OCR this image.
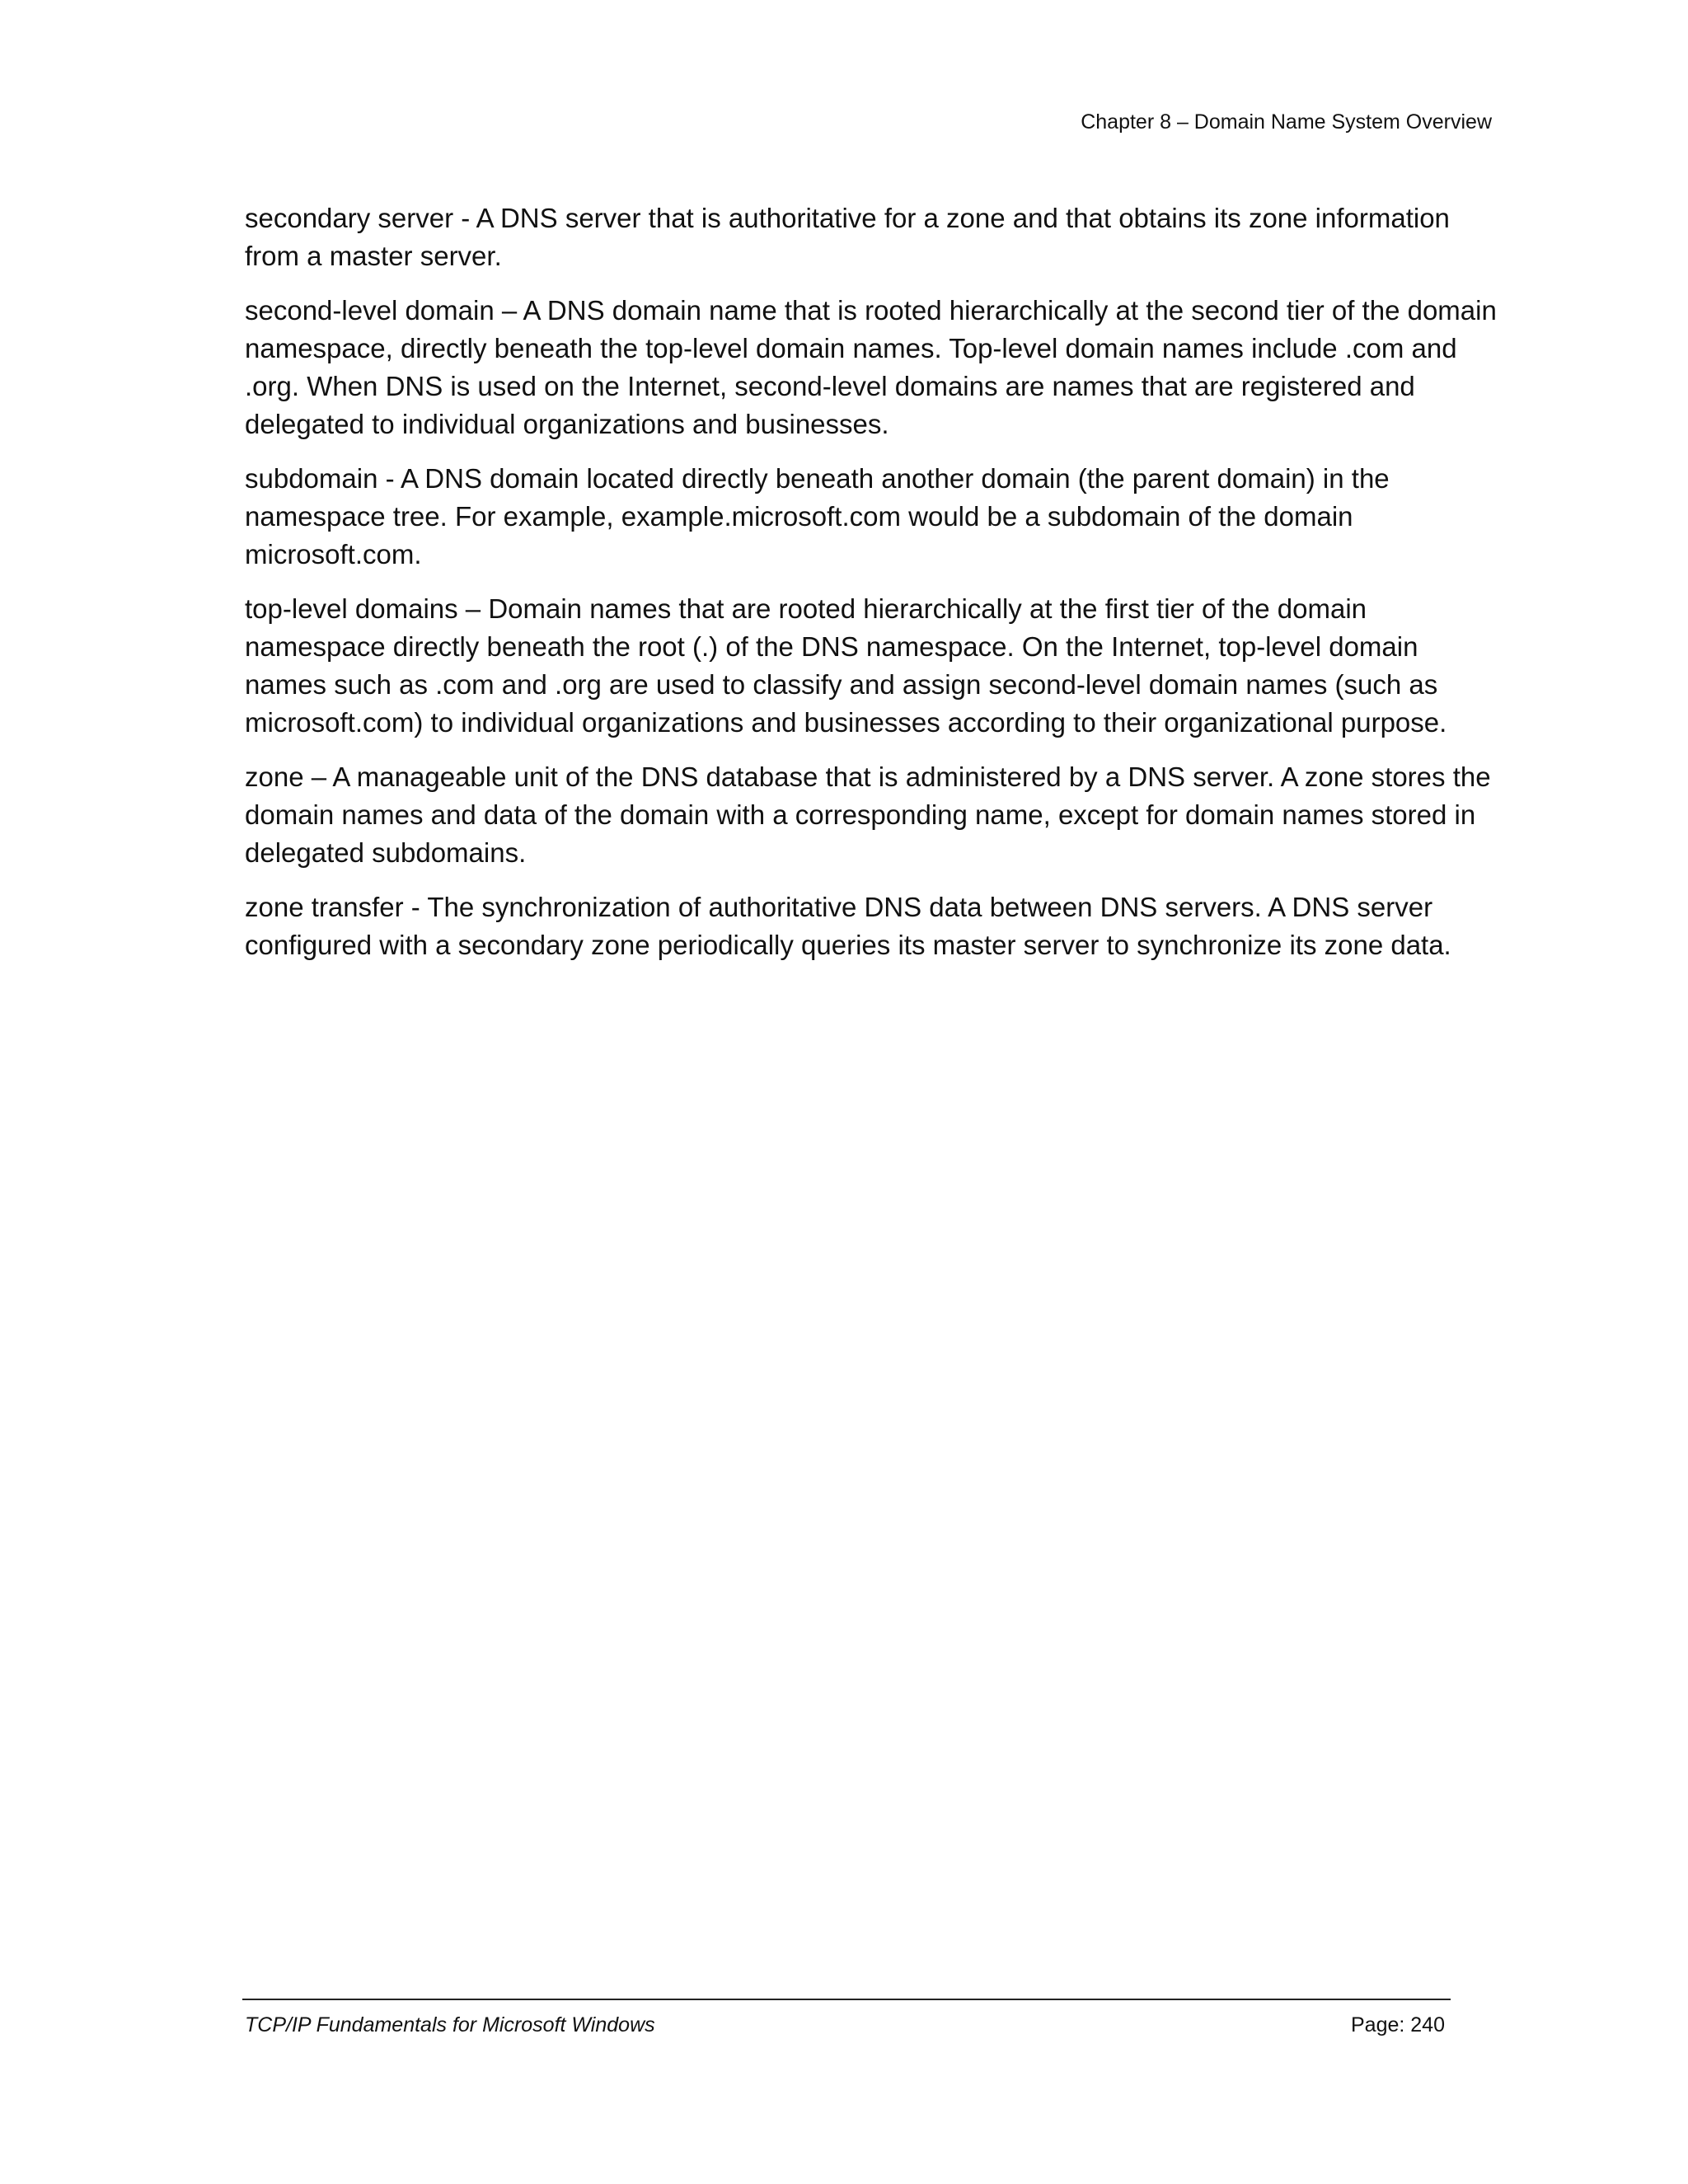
Chapter 8 – Domain Name System Overview

secondary server - A DNS server that is authoritative for a zone and that obtains its zone information from a master server.

second-level domain – A DNS domain name that is rooted hierarchically at the second tier of the domain namespace, directly beneath the top-level domain names. Top-level domain names include .com and .org. When DNS is used on the Internet, second-level domains are names that are registered and delegated to individual organizations and businesses.

subdomain - A DNS domain located directly beneath another domain (the parent domain) in the namespace tree. For example, example.microsoft.com would be a subdomain of the domain microsoft.com.

top-level domains – Domain names that are rooted hierarchically at the first tier of the domain namespace directly beneath the root (.) of the DNS namespace. On the Internet, top-level domain names such as .com and .org are used to classify and assign second-level domain names (such as microsoft.com) to individual organizations and businesses according to their organizational purpose.

zone – A manageable unit of the DNS database that is administered by a DNS server. A zone stores the domain names and data of the domain with a corresponding name, except for domain names stored in delegated subdomains.

zone transfer - The synchronization of authoritative DNS data between DNS servers. A DNS server configured with a secondary zone periodically queries its master server to synchronize its zone data.

TCP/IP Fundamentals for Microsoft Windows	Page: 240
